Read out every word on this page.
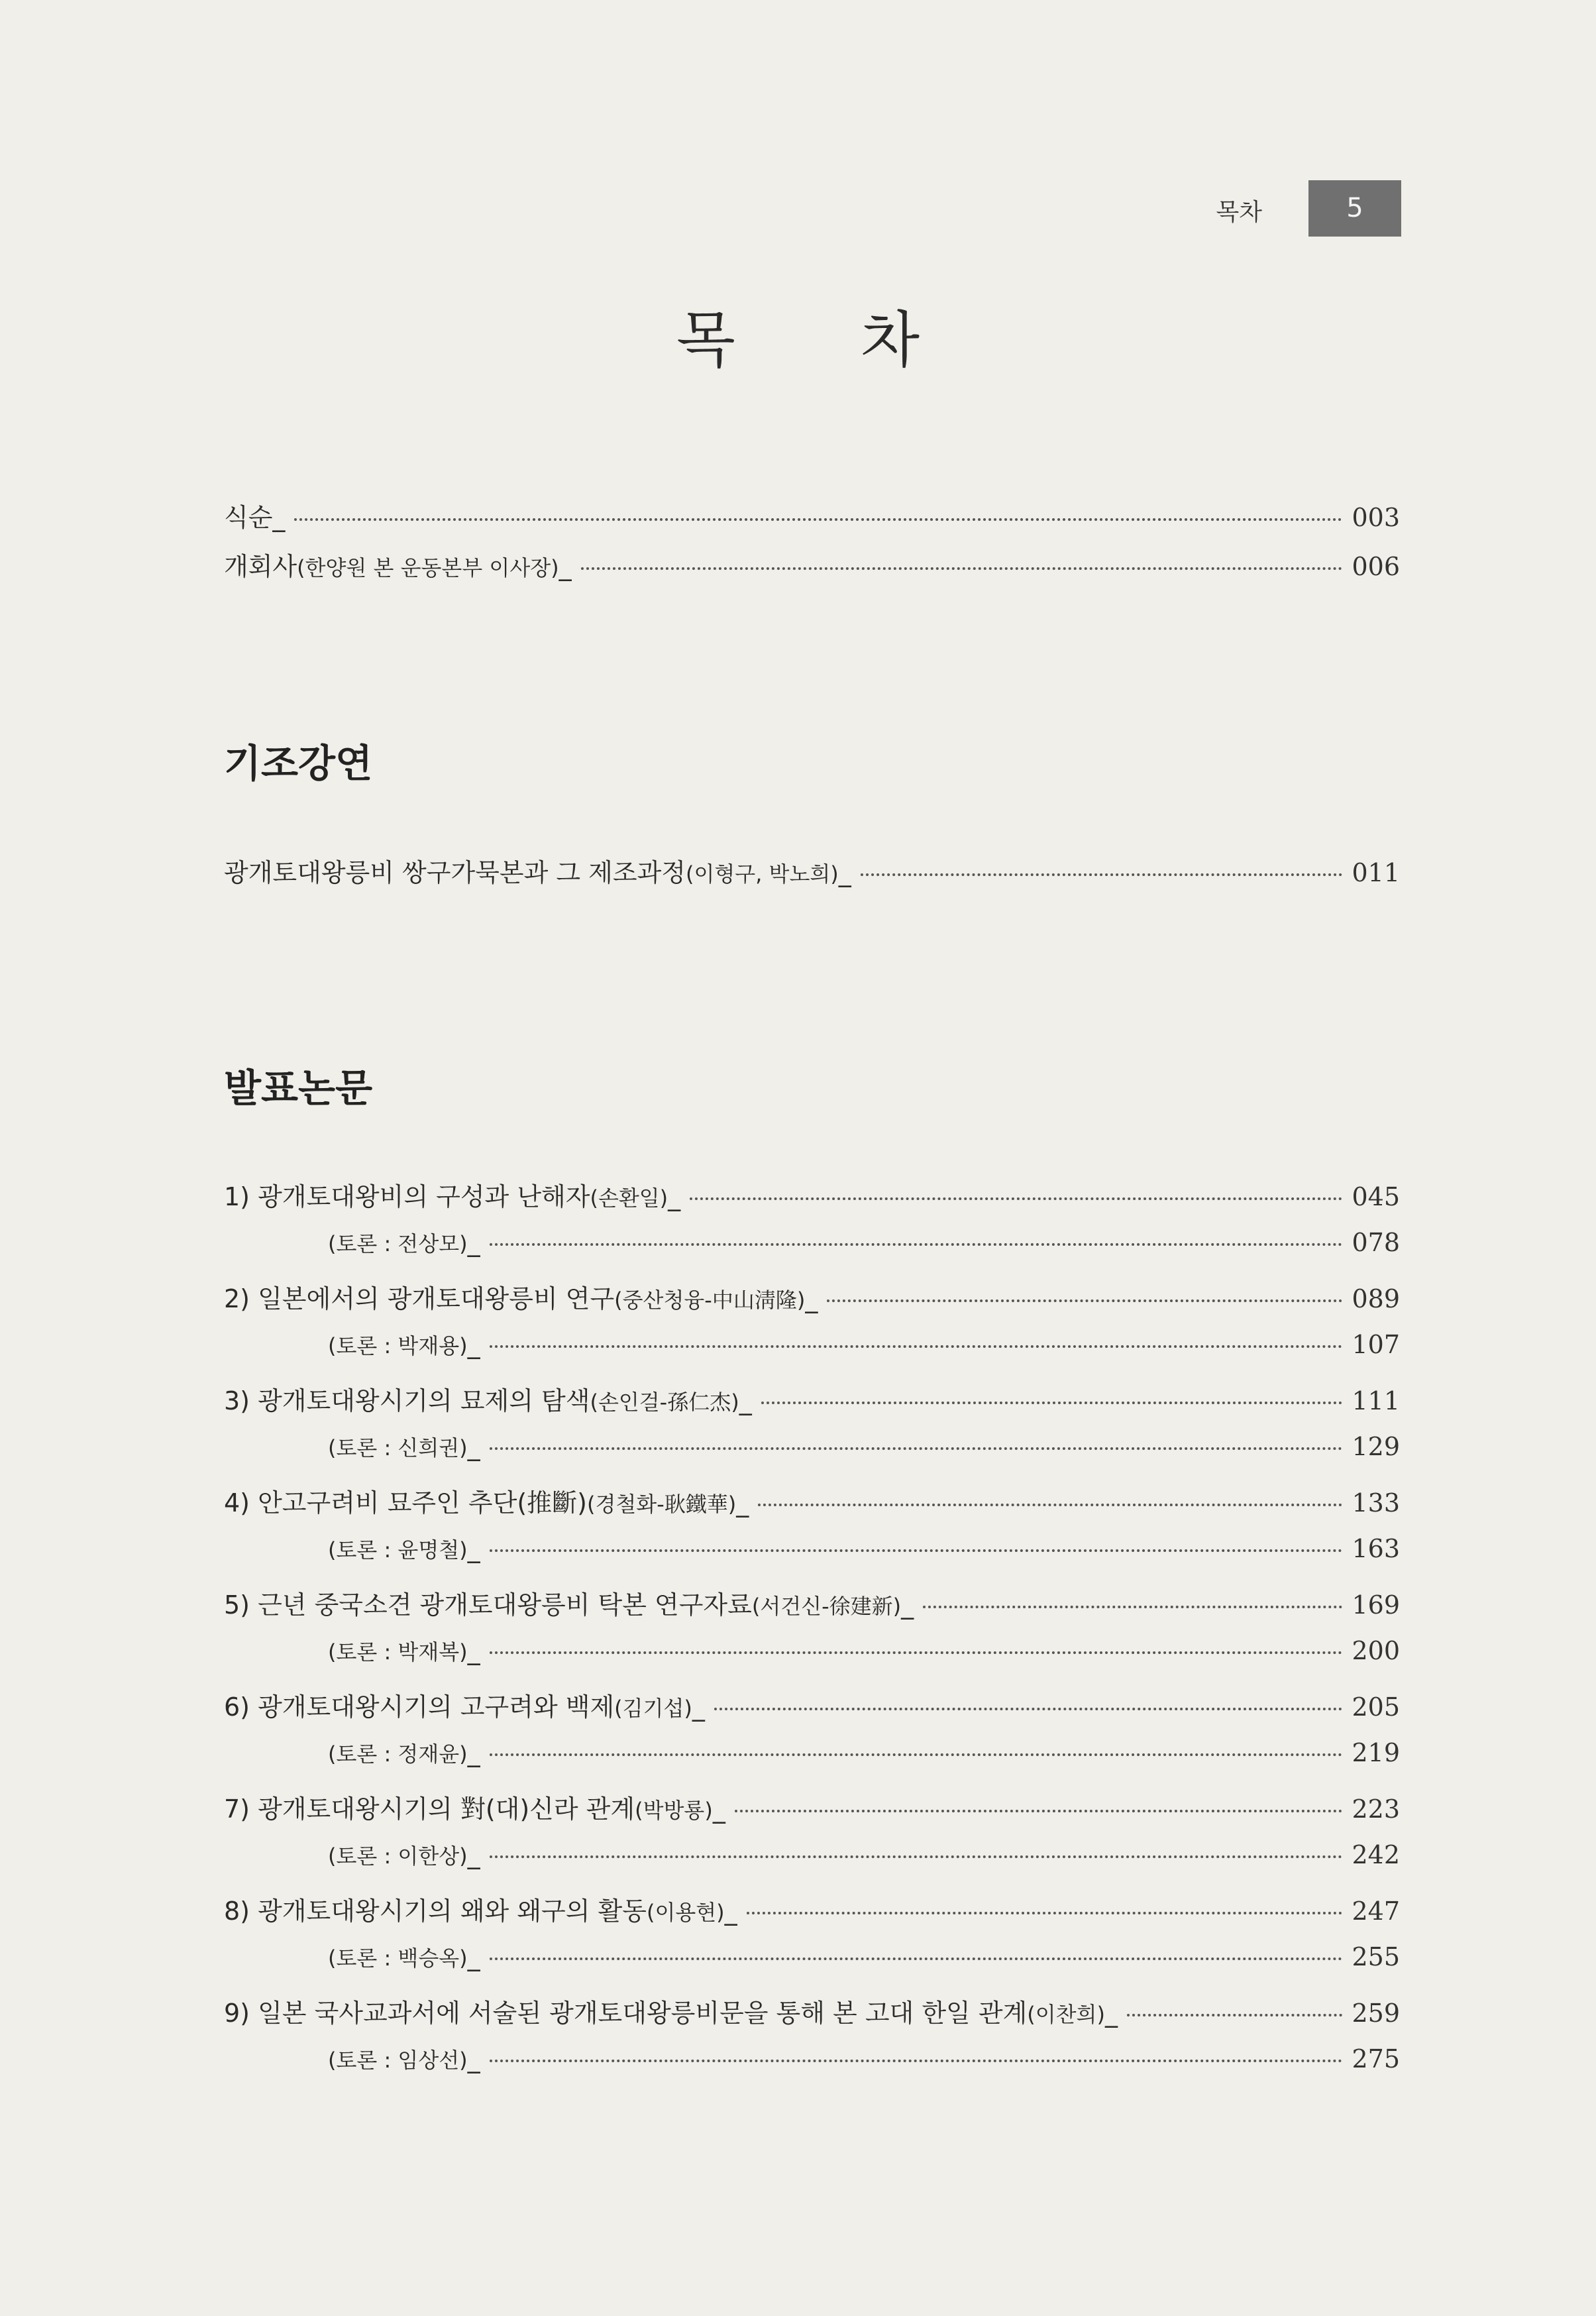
목차	5
목 차
식순 _	003
개회사 (한양원 본 운동본부 이사장) _	006
기조강연
광개토대왕릉비 쌍구가묵본과 그 제조과정 (이형구, 박노희) _	011
발표논문
1) 광개토대왕비의 구성과 난해자 (손환일) _	045
(토론 : 전상모) _	078
2) 일본에서의 광개토대왕릉비 연구 (중산청융-中山淸隆) _	089
(토론 : 박재용) _	107
3) 광개토대왕시기의 묘제의 탐색 (손인걸-孫仁杰) _	111
(토론 : 신희권) _	129
4) 안고구려비 묘주인 추단(推斷) (경철화-耿鐵華) _	133
(토론 : 윤명철) _	163
5) 근년 중국소견 광개토대왕릉비 탁본 연구자료 (서건신-徐建新) _	169
(토론 : 박재복) _	200
6) 광개토대왕시기의 고구려와 백제 (김기섭) _	205
(토론 : 정재윤) _	219
7) 광개토대왕시기의 對(대)신라 관계 (박방룡) _	223
(토론 : 이한상) _	242
8) 광개토대왕시기의 왜와 왜구의 활동 (이용현) _	247
(토론 : 백승옥) _	255
9) 일본 국사교과서에 서술된 광개토대왕릉비문을 통해 본 고대 한일 관계 (이찬희) _	259
(토론 : 임상선) _	275
